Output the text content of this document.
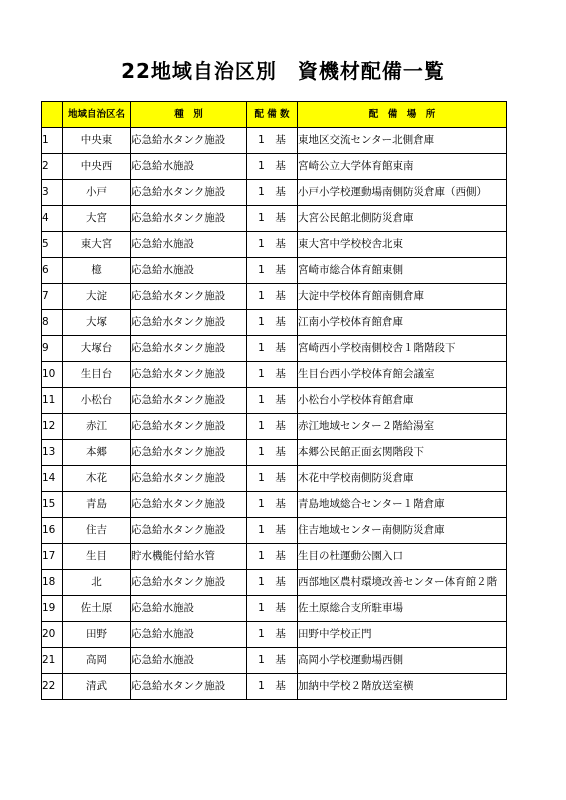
22地域自治区別　資機材配備一覧
	地域自治区名	種　別	配 備 数	配　備　場　所
1	中央東	応急給水タンク施設	1　基	東地区交流センター北側倉庫
2	中央西	応急給水施設	1　基	宮崎公立大学体育館東南
3	小戸	応急給水タンク施設	1　基	小戸小学校運動場南側防災倉庫（西側）
4	大宮	応急給水タンク施設	1　基	大宮公民館北側防災倉庫
5	東大宮	応急給水施設	1　基	東大宮中学校校舎北東
6	檍	応急給水施設	1　基	宮崎市総合体育館東側
7	大淀	応急給水タンク施設	1　基	大淀中学校体育館南側倉庫
8	大塚	応急給水タンク施設	1　基	江南小学校体育館倉庫
9	大塚台	応急給水タンク施設	1　基	宮崎西小学校南側校舎１階階段下
10	生目台	応急給水タンク施設	1　基	生目台西小学校体育館会議室
11	小松台	応急給水タンク施設	1　基	小松台小学校体育館倉庫
12	赤江	応急給水タンク施設	1　基	赤江地域センター２階給湯室
13	本郷	応急給水タンク施設	1　基	本郷公民館正面玄関階段下
14	木花	応急給水タンク施設	1　基	木花中学校南側防災倉庫
15	青島	応急給水タンク施設	1　基	青島地域総合センター１階倉庫
16	住吉	応急給水タンク施設	1　基	住吉地域センター南側防災倉庫
17	生目	貯水機能付給水管	1　基	生目の杜運動公園入口
18	北	応急給水タンク施設	1　基	西部地区農村環境改善センター体育館２階
19	佐土原	応急給水施設	1　基	佐土原総合支所駐車場
20	田野	応急給水施設	1　基	田野中学校正門
21	高岡	応急給水施設	1　基	高岡小学校運動場西側
22	清武	応急給水タンク施設	1　基	加納中学校２階放送室横
